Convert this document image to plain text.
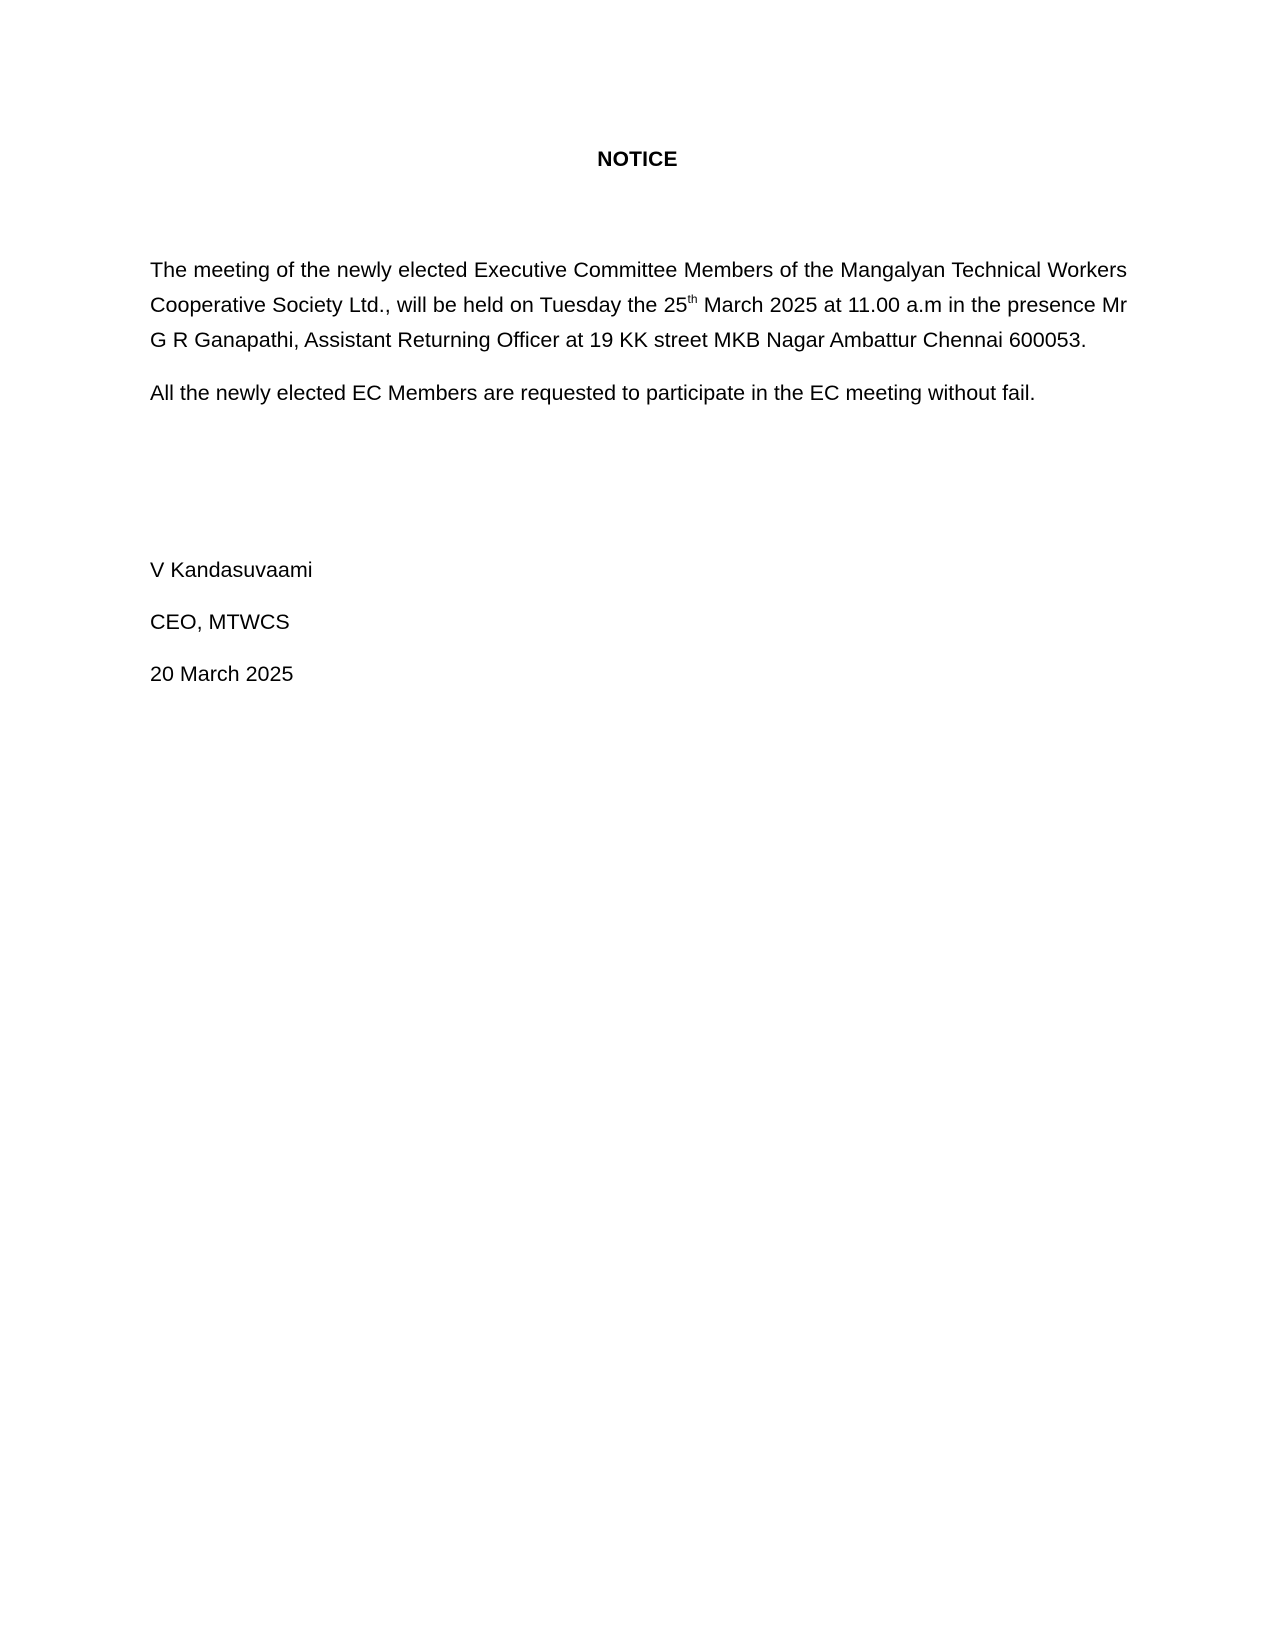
NOTICE

The meeting of the newly elected Executive Committee Members of the Mangalyan Technical Workers Cooperative Society Ltd., will be held on Tuesday the 25th March 2025 at 11.00 a.m in the presence Mr G R Ganapathi, Assistant Returning Officer at 19 KK street MKB Nagar Ambattur Chennai 600053.

All the newly elected EC Members are requested to participate in the EC meeting without fail.

V Kandasuvaami

CEO, MTWCS

20 March 2025
